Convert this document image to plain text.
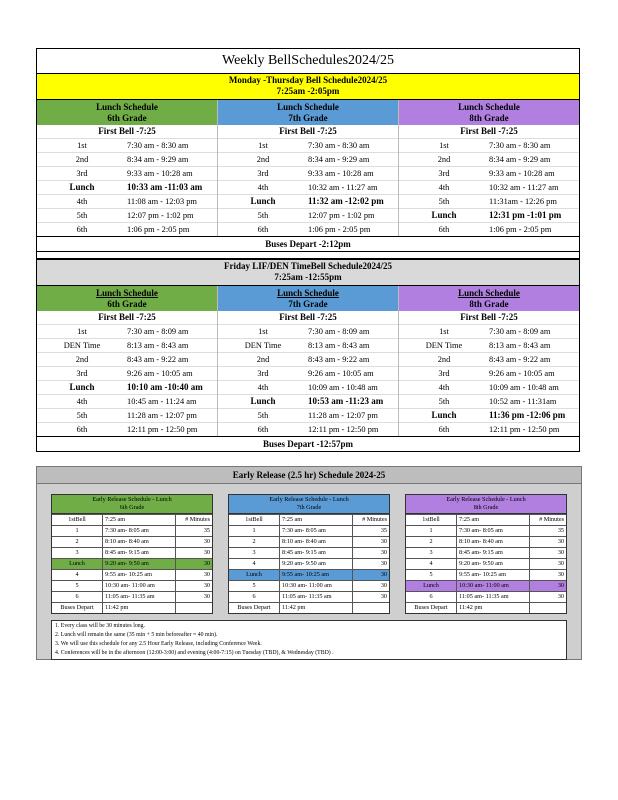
Weekly BellSchedules2024/25
Monday -Thursday Bell Schedule2024/25
7:25am -2:05pm
Lunch Schedule
6th Grade
First Bell -7:25
1st	7:30 am - 8:30 am
2nd	8:34 am - 9:29 am
3rd	9:33 am - 10:28 am
Lunch	10:33 am -11:03 am
4th	11:08 am - 12:03 pm
5th	12:07 pm - 1:02 pm
6th	1:06 pm - 2:05 pm
Lunch Schedule
7th Grade
First Bell -7:25
1st	7:30 am - 8:30 am
2nd	8:34 am - 9:29 am
3rd	9:33 am - 10:28 am
4th	10:32 am - 11:27 am
Lunch	11:32 am -12:02 pm
5th	12:07 pm - 1:02 pm
6th	1:06 pm - 2:05 pm
Lunch Schedule
8th Grade
First Bell -7:25
1st	7:30 am - 8:30 am
2nd	8:34 am - 9:29 am
3rd	9:33 am - 10:28 am
4th	10:32 am - 11:27 am
5th	11:31am - 12:26 pm
Lunch	12:31 pm -1:01 pm
6th	1:06 pm - 2:05 pm
Buses Depart -2:12pm
Friday LIF/DEN TimeBell Schedule2024/25
7:25am -12:55pm
Lunch Schedule
6th Grade
First Bell -7:25
1st	7:30 am - 8:09 am
DEN Time	8:13 am - 8:43 am
2nd	8:43 am - 9:22 am
3rd	9:26 am - 10:05 am
Lunch	10:10 am -10:40 am
4th	10:45 am - 11:24 am
5th	11:28 am - 12:07 pm
6th	12:11 pm - 12:50 pm
Lunch Schedule
7th Grade
First Bell -7:25
1st	7:30 am - 8:09 am
DEN Time	8:13 am - 8:43 am
2nd	8:43 am - 9:22 am
3rd	9:26 am - 10:05 am
4th	10:09 am - 10:48 am
Lunch	10:53 am -11:23 am
5th	11:28 am - 12:07 pm
6th	12:11 pm - 12:50 pm
Lunch Schedule
8th Grade
First Bell -7:25
1st	7:30 am - 8:09 am
DEN Time	8:13 am - 8:43 am
2nd	8:43 am - 9:22 am
3rd	9:26 am - 10:05 am
4th	10:09 am - 10:48 am
5th	10:52 am - 11:31am
Lunch	11:36 pm -12:06 pm
6th	12:11 pm - 12:50 pm
Buses Depart -12:57pm
Early Release (2.5 hr) Schedule 2024-25
Early Release Schedule - Lunch
6th Grade
1stBell	7:25 am	# Minutes
1	7:30 am- 8:05 am	35
2	8:10 am- 8:40 am	30
3	8:45 am- 9:15 am	30
Lunch	9:20 am- 9:50 am	30
4	9:55 am- 10:25 am	30
5	10:30 am- 11:00 am	30
6	11:05 am- 11:35 am	30
Buses Depart	11:42 pm
Early Release Schedule - Lunch
7th Grade
1stBell	7:25 am	# Minutes
1	7:30 am- 8:05 am	35
2	8:10 am- 8:40 am	30
3	8:45 am- 9:15 am	30
4	9:20 am- 9:50 am	30
Lunch	9:55 am- 10:25 am	30
5	10:30 am- 11:00 am	30
6	11:05 am- 11:35 am	30
Buses Depart	11:42 pm
Early Release Schedule - Lunch
8th Grade
1stBell	7:25 am	# Minutes
1	7:30 am- 8:05 am	35
2	8:10 am- 8:40 am	30
3	8:45 am- 9:15 am	30
4	9:20 am- 9:50 am	30
5	9:55 am- 10:25 am	30
Lunch	10:30 am- 11:00 am	30
6	11:05 am- 11:35 am	30
Buses Depart	11:42 pm
1. Every class will be 30 minutes long.
2. Lunch will remain the same (35 min + 5 min beforeafter = 40 min).
3. We will use this schedule for any 2.5 Hour Early Release, including Conference Week.
4. Conferences will be in the afternoon (12:00-3:00) and evening (4:00-7:15) on Tuesday (TBD), & Wednesday (TBD) .
